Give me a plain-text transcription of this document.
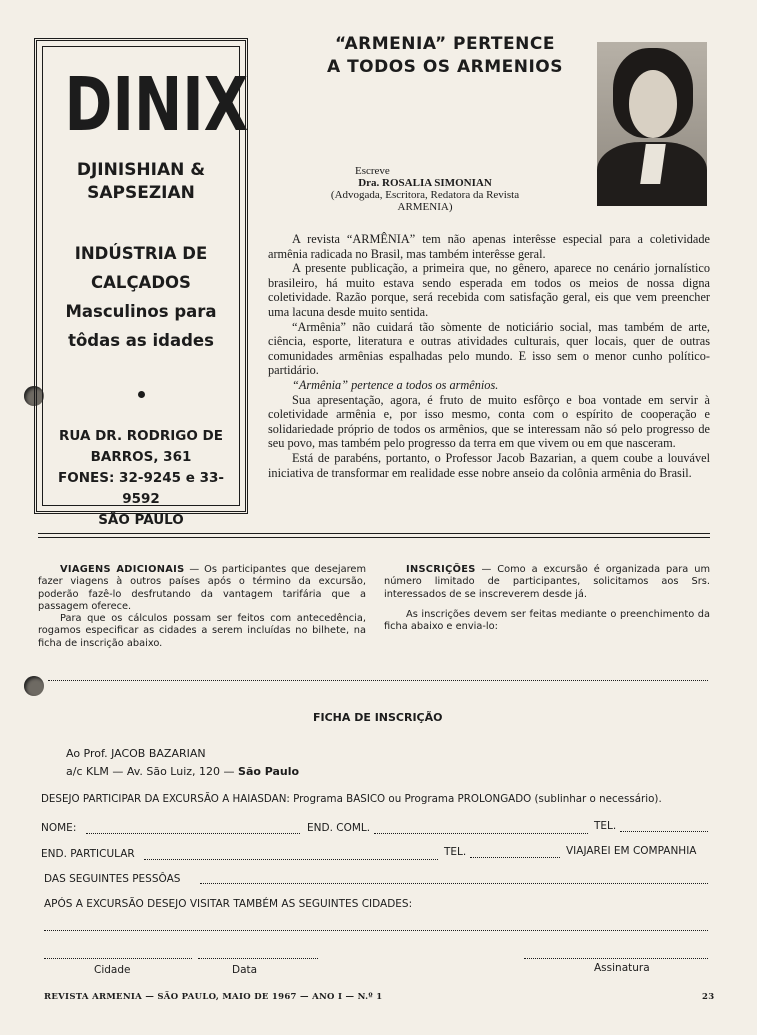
DINIX
DJINISHIAN &
SAPSEZIAN
INDÚSTRIA DE
CALÇADOS
Masculinos para
tôdas as idades
RUA DR. RODRIGO DE
BARROS, 361
FONES: 32-9245 e 33-9592
SÃO PAULO
“ARMENIA” PERTENCE
A TODOS OS ARMENIOS
Escreve
Dra. ROSALIA SIMONIAN
(Advogada, Escritora, Redatora da Revista
ARMENIA)

A revista “ARMÊNIA” tem não apenas interêsse especial para a coletividade armênia radicada no Brasil, mas também interêsse geral.

A presente publicação, a primeira que, no gênero, aparece no cenário jornalístico brasileiro, há muito estava sendo esperada em todos os meios de nossa digna coletividade. Razão porque, será recebida com satisfação geral, eis que vem preencher uma lacuna desde muito sentida.

“Armênia” não cuidará tão sòmente de noticiário social, mas também de arte, ciência, esporte, literatura e outras atividades culturais, quer locais, quer de outras comunidades armênias espalhadas pelo mundo. E isso sem o menor cunho político-partidário.

“Armênia” pertence a todos os armênios.

Sua apresentação, agora, é fruto de muito esfôrço e boa vontade em servir à coletividade armênia e, por isso mesmo, conta com o espírito de cooperação e solidariedade próprio de todos os armênios, que se interessam não só pelo progresso de seu povo, mas também pelo progresso da terra em que vivem ou em que nasceram.

Está de parabéns, portanto, o Professor Jacob Bazarian, a quem coube a louvável iniciativa de transformar em realidade esse nobre anseio da colônia armênia do Brasil.

VIAGENS ADICIONAIS — Os participantes que desejarem fazer viagens à outros países após o término da excursão, poderão fazê-lo desfrutando da vantagem tarifária que a passagem oferece.

Para que os cálculos possam ser feitos com antecedência, rogamos especificar as cidades a serem incluídas no bilhete, na ficha de inscrição abaixo.

INSCRIÇÕES — Como a excursão é organizada para um número limitado de participantes, solicitamos aos Srs. interessados de se inscreverem desde já.

As inscrições devem ser feitas mediante o preenchimento da ficha abaixo e envia-lo:

FICHA DE INSCRIÇÃO
Ao Prof. JACOB BAZARIAN
a/c KLM — Av. São Luiz, 120 — São Paulo
DESEJO PARTICIPAR DA EXCURSÃO A HAIASDAN: Programa BASICO ou Programa PROLONGADO (sublinhar o necessário).
NOME:	END. COML.	TEL.
END. PARTICULAR	TEL.	VIAJAREI EM COMPANHIA
DAS SEGUINTES PESSÔAS
APÓS A EXCURSÃO DESEJO VISITAR TAMBÉM AS SEGUINTES CIDADES:
Cidade	Data	Assinatura
REVISTA ARMENIA — SÃO PAULO, MAIO DE 1967 — ANO I — N.º 1	23
